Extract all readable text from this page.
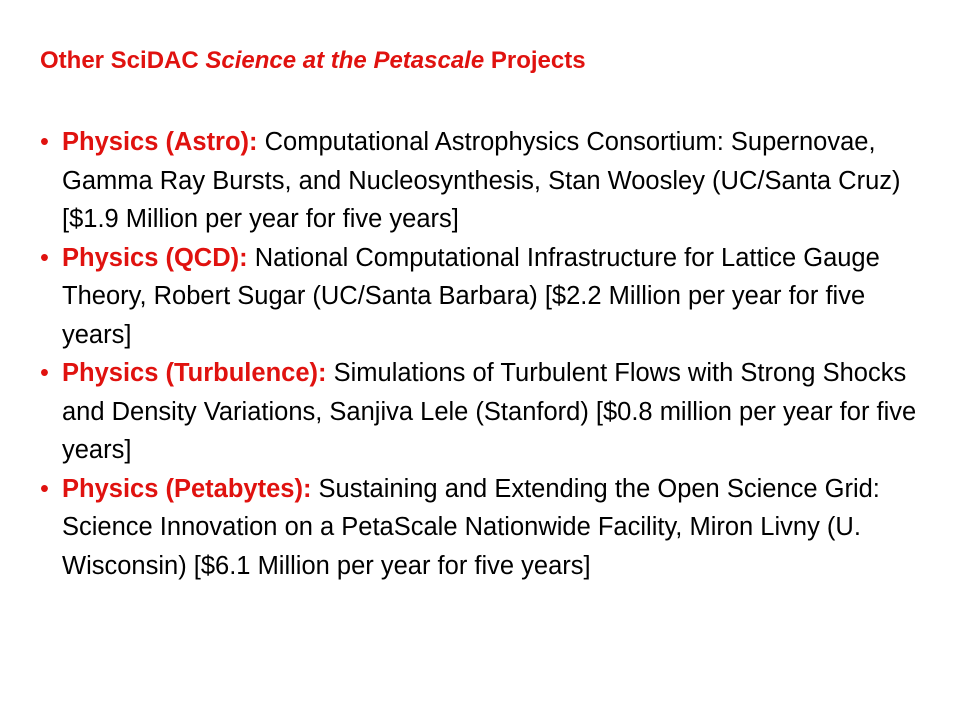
Other SciDAC Science at the Petascale Projects
• Physics (Astro): Computational Astrophysics Consortium: Supernovae, Gamma Ray Bursts, and Nucleosynthesis, Stan Woosley (UC/Santa Cruz) [$1.9 Million per year for five years]
• Physics (QCD): National Computational Infrastructure for Lattice Gauge Theory, Robert Sugar (UC/Santa Barbara) [$2.2 Million per year for five years]
• Physics (Turbulence): Simulations of Turbulent Flows with Strong Shocks and Density Variations, Sanjiva Lele (Stanford) [$0.8 million per year for five years]
• Physics (Petabytes): Sustaining and Extending the Open Science Grid: Science Innovation on a PetaScale Nationwide Facility, Miron Livny (U. Wisconsin) [$6.1 Million per year for five years]
